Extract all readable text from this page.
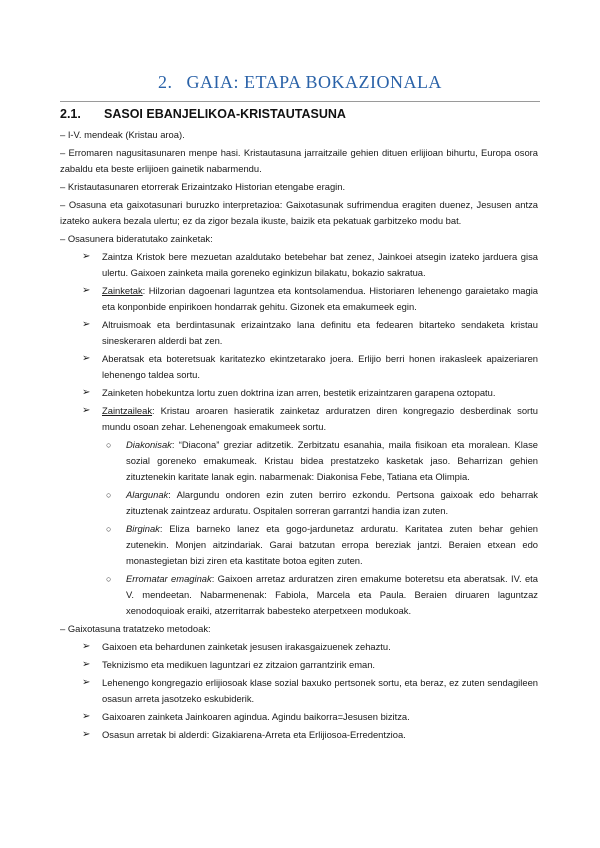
2. GAIA: ETAPA BOKAZIONALA
2.1. SASOI EBANJELIKOA-KRISTAUTASUNA
– I-V. mendeak (Kristau aroa).
– Erromaren nagusitasunaren menpe hasi. Kristautasuna jarraitzaile gehien dituen erlijioan bihurtu, Europa osora zabaldu eta beste erlijioen gainetik nabarmendu.
– Kristautasunaren etorrerak Erizaintzako Historian etengabe eragin.
– Osasuna eta gaixotasunari buruzko interpretazioa: Gaixotasunak sufrimendua eragiten duenez, Jesusen antza izateko aukera bezala ulertu; ez da zigor bezala ikuste, baizik eta pekatuak garbitzeko modu bat.
– Osasunera bideratutako zainketak:
➢ Zaintza Kristok bere mezuetan azaldutako betebehar bat zenez, Jainkoei atsegin izateko jarduera gisa ulertu. Gaixoen zainketa maila goreneko eginkizun bilakatu, bokazio sakratua.
➢ Zainketak: Hilzorian dagoenari laguntzea eta kontsolamendua. Historiaren lehenengo garaietako magia eta konponbide enpirikoen hondarrak gehitu. Gizonek eta emakumeek egin.
➢ Altruismoak eta berdintasunak erizaintzako lana definitu eta fedearen bitarteko sendaketa kristau sineskeraren alderdi bat zen.
➢ Aberatsak eta boteretsuak karitatezko ekintzetarako joera. Erlijio berri honen irakasleek apaizeriaren lehenengo taldea sortu.
➢ Zainketen hobekuntza lortu zuen doktrina izan arren, bestetik erizaintzaren garapena oztopatu.
➢ Zaintzaileak: Kristau aroaren hasieratik zainketaz arduratzen diren kongregazio desberdinak sortu mundu osoan zehar. Lehenengoak emakumeek sortu.
○ Diakonisak: “Diacona” greziar aditzetik. Zerbitzatu esanahia, maila fisikoan eta moralean. Klase sozial goreneko emakumeak. Kristau bidea prestatzeko kasketak jaso. Beharrizan gehien zituztenekin karitate lanak egin. nabarmenak: Diakonisa Febe, Tatiana eta Olimpia.
○ Alargunak: Alargundu ondoren ezin zuten berriro ezkondu. Pertsona gaixoak edo beharrak zituztenak zaintzeaz arduratu. Ospitalen sorreran garrantzi handia izan zuten.
○ Birginak: Eliza barneko lanez eta gogo-jardunetaz arduratu. Karitatea zuten behar gehien zutenekin. Monjen aitzindariak. Garai batzutan erropa bereziak jantzi. Beraien etxean edo monastegietan bizi ziren eta kastitate botoa egiten zuten.
○ Erromatar emaginak: Gaixoen arretaz arduratzen ziren emakume boteretsu eta aberatsak. IV. eta V. mendeetan. Nabarmenenak: Fabiola, Marcela eta Paula. Beraien diruaren laguntzaz xenodoquioak eraiki, atzerritarrak babesteko aterpetxeen modukoak.
– Gaixotasuna tratatzeko metodoak:
➢ Gaixoen eta behardunen zainketak jesusen irakasgaizuenek zehaztu.
➢ Teknizismo eta medikuen laguntzari ez zitzaion garrantzirik eman.
➢ Lehenengo kongregazio erlijiosoak klase sozial baxuko pertsonek sortu, eta beraz, ez zuten sendagileen osasun arreta jasotzeko eskubiderik.
➢ Gaixoaren zainketa Jainkoaren agindua. Agindu baikorra=Jesusen bizitza.
➢ Osasun arretak bi alderdi: Gizakiarena-Arreta eta Erlijiosoa-Erredentzioa.
